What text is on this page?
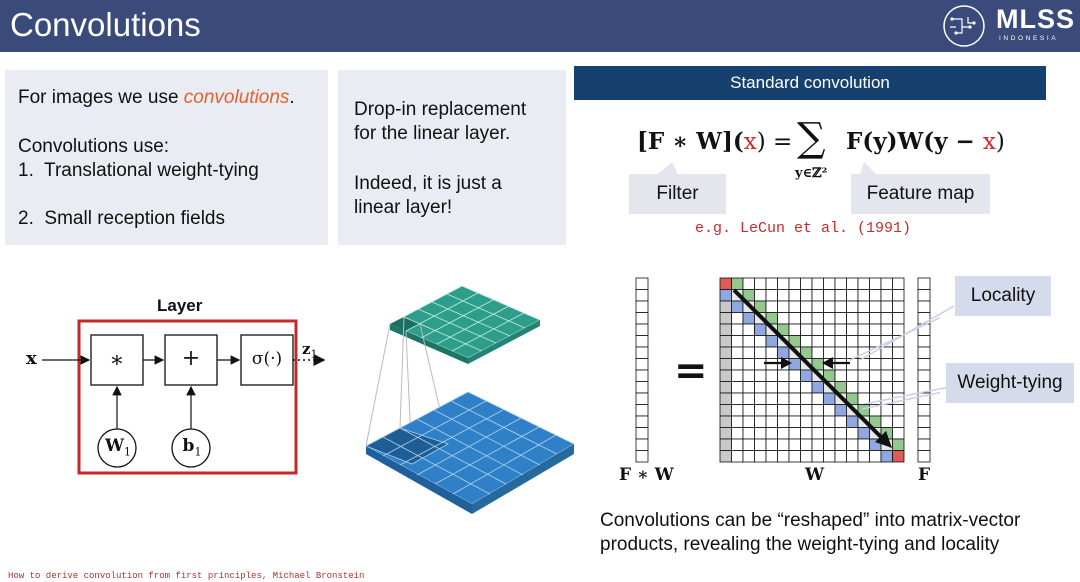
Convolutions	MLSS
INDONESIA
For images we use convolutions.
Convolutions use:
1.  Translational weight-tying
2.  Small reception fields
Drop-in replacement
for the linear layer.
Indeed, it is just a
linear layer!
Standard convolution
[F ∗ W](x) = ∑
y∈ℤ²
F(y)W(y − x)
Filter	Feature map
e.g. LeCun et al. (1991)
Layer
x	∗	+	σ(·)	$z_1$
$W_1$	$b_1$
=
Locality
Weight-tying
F ∗ W	W	F
Convolutions can be “reshaped” into matrix-vector
products, revealing the weight-tying and locality
How to derive convolution from first principles, Michael Bronstein
